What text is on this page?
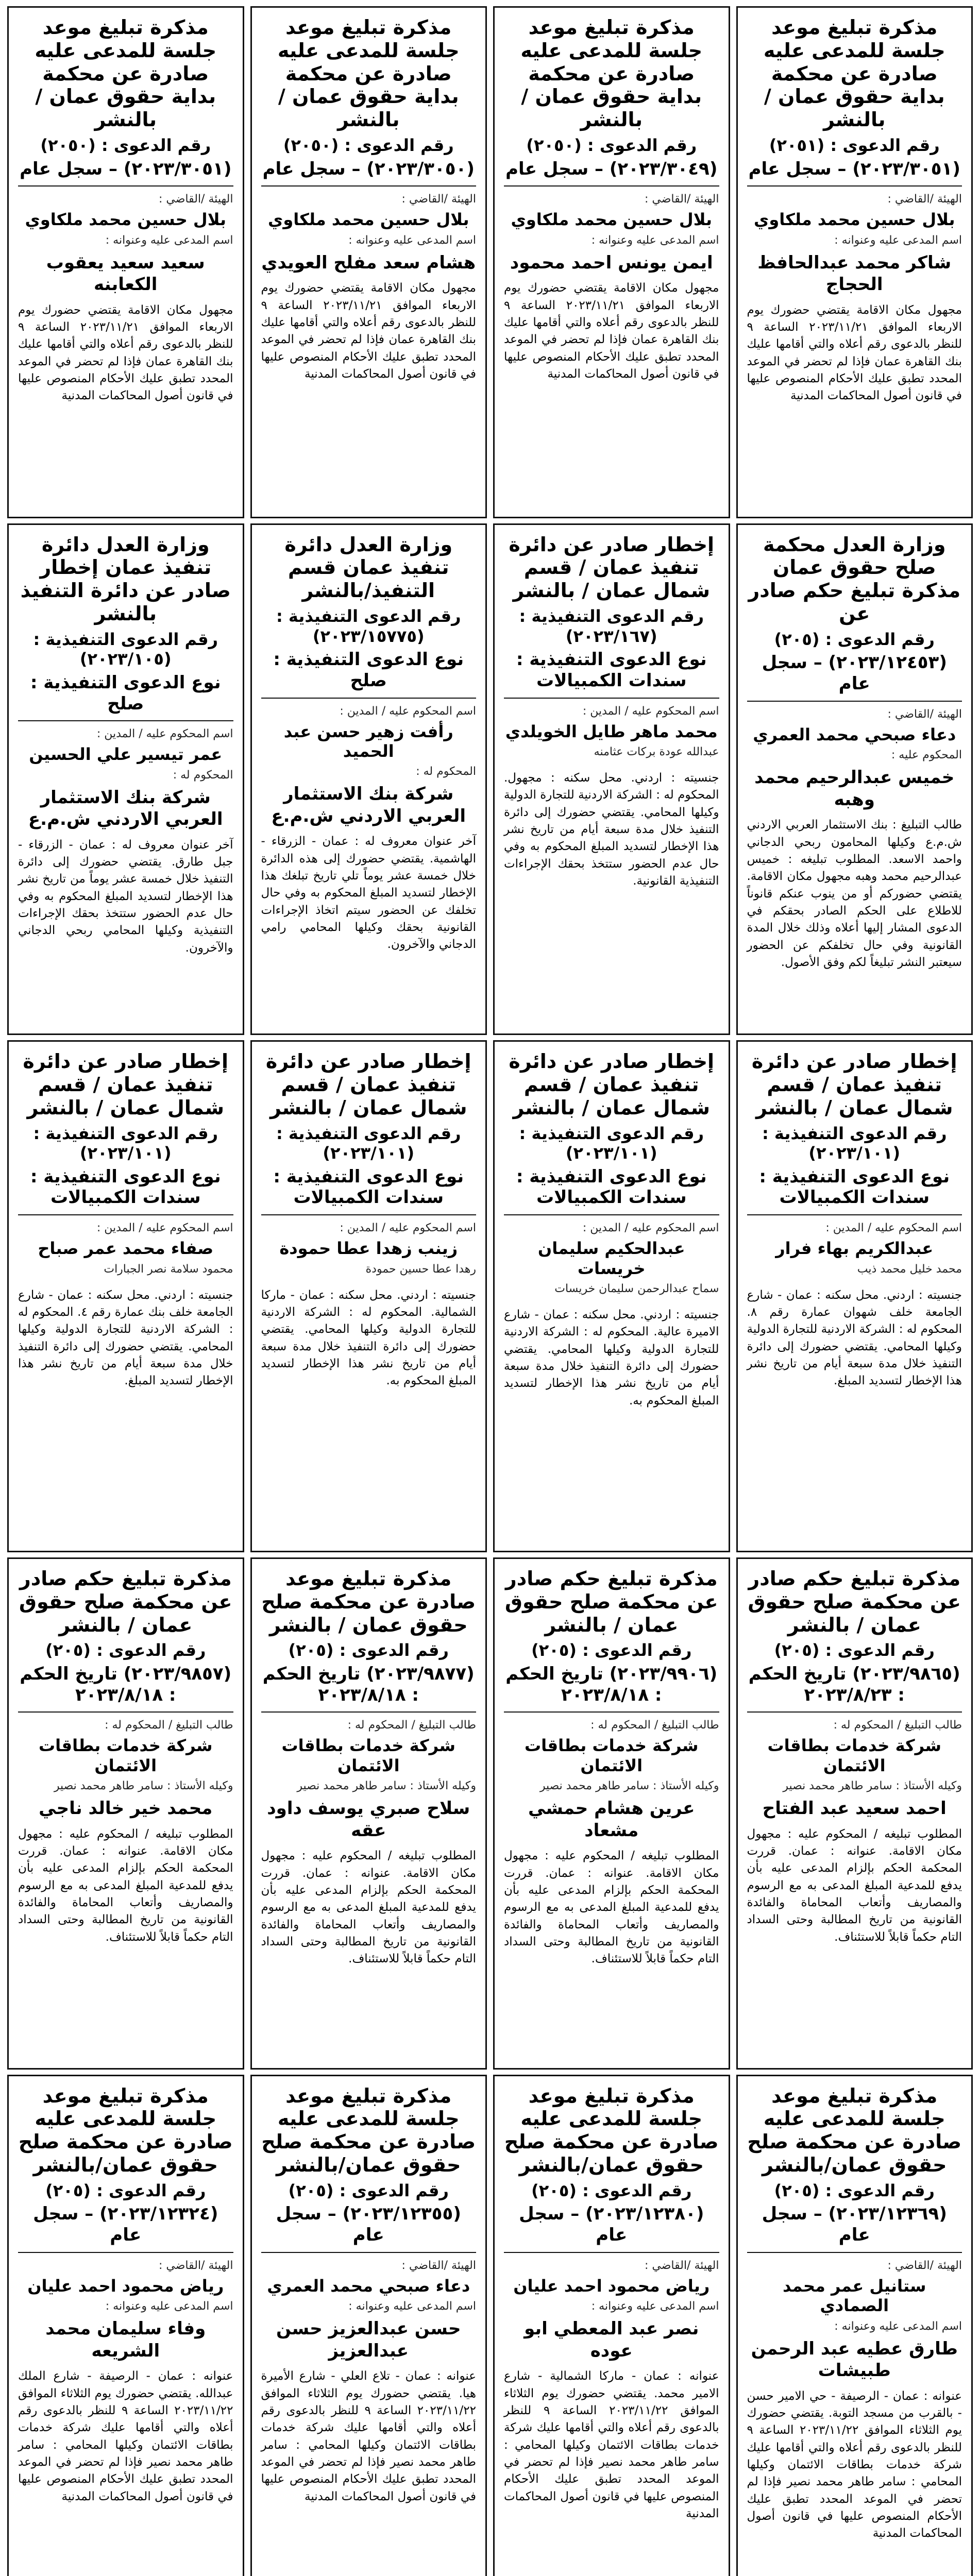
مذكرة تبليغ موعد جلسة للمدعى عليه صادرة عن محكمة بداية حقوق عمان /بالنشر
رقم الدعوى : (٢٠٥١)
(٢٠٢٣/٣٠٥١) – سجل عام
الهيئة /القاضي :
بلال حسين محمد ملكاوي
اسم المدعى عليه وعنوانه :
شاكر محمد عبدالحافظ الحجاج
مجهول مكان الاقامة يقتضي حضورك يوم الاربعاء الموافق ٢٠٢٣/١١/٢١ الساعة ٩ للنظر بالدعوى رقم أعلاه والتي أقامها عليك بنك القاهرة عمان فإذا لم تحضر في الموعد المحدد تطبق عليك الأحكام المنصوص عليها في قانون أصول المحاكمات المدنية
مذكرة تبليغ موعد جلسة للمدعى عليه صادرة عن محكمة بداية حقوق عمان /بالنشر
رقم الدعوى : (٢٠٥٠)
(٢٠٢٣/٣٠٤٩) – سجل عام
الهيئة /القاضي :
بلال حسين محمد ملكاوي
اسم المدعى عليه وعنوانه :
ايمن يونس احمد محمود
مجهول مكان الاقامة يقتضي حضورك يوم الاربعاء الموافق ٢٠٢٣/١١/٢١ الساعة ٩ للنظر بالدعوى رقم أعلاه والتي أقامها عليك بنك القاهرة عمان فإذا لم تحضر في الموعد المحدد تطبق عليك الأحكام المنصوص عليها في قانون أصول المحاكمات المدنية
مذكرة تبليغ موعد جلسة للمدعى عليه صادرة عن محكمة بداية حقوق عمان /بالنشر
رقم الدعوى : (٢٠٥٠)
(٢٠٢٣/٣٠٥٠) – سجل عام
الهيئة /القاضي :
بلال حسين محمد ملكاوي
اسم المدعى عليه وعنوانه :
هشام سعد مفلح العويدي
مجهول مكان الاقامة يقتضي حضورك يوم الاربعاء الموافق ٢٠٢٣/١١/٢١ الساعة ٩ للنظر بالدعوى رقم أعلاه والتي أقامها عليك بنك القاهرة عمان فإذا لم تحضر في الموعد المحدد تطبق عليك الأحكام المنصوص عليها في قانون أصول المحاكمات المدنية
مذكرة تبليغ موعد جلسة للمدعى عليه صادرة عن محكمة بداية حقوق عمان /بالنشر
رقم الدعوى : (٢٠٥٠)
(٢٠٢٣/٣٠٥١) – سجل عام
الهيئة /القاضي :
بلال حسين محمد ملكاوي
اسم المدعى عليه وعنوانه :
سعيد سعيد يعقوب الكعابنه
مجهول مكان الاقامة يقتضي حضورك يوم الاربعاء الموافق ٢٠٢٣/١١/٢١ الساعة ٩ للنظر بالدعوى رقم أعلاه والتي أقامها عليك بنك القاهرة عمان فإذا لم تحضر في الموعد المحدد تطبق عليك الأحكام المنصوص عليها في قانون أصول المحاكمات المدنية
وزارة العدل محكمة صلح حقوق عمان مذكرة تبليغ حكم صادر عن
رقم الدعوى : (٢٠٥)
(٢٠٢٣/١٢٤٥٣) – سجل عام
الهيئة /القاضي :
دعاء صبحي محمد العمري
المحكوم عليه :
خميس عبدالرحيم محمد وهبه
طالب التبليغ : بنك الاستثمار العربي الاردني ش.م.ع وكيلها المحامون ربحي الدجاني واحمد الاسعد. المطلوب تبليغه : خميس عبدالرحيم محمد وهبه مجهول مكان الاقامة. يقتضي حضوركم أو من ينوب عنكم قانوناً للاطلاع على الحكم الصادر بحقكم في الدعوى المشار إليها أعلاه وذلك خلال المدة القانونية وفي حال تخلفكم عن الحضور سيعتبر النشر تبليغاً لكم وفق الأصول.
إخطار صادر عن دائرة تنفيذ عمان / قسم شمال عمان / بالنشر
رقم الدعوى التنفيذية : (٢٠٢٣/١٦٧)
نوع الدعوى التنفيذية : سندات الكمبيالات
اسم المحكوم عليه / المدين :
محمد ماهر طايل الخويلدي
عبدالله عودة بركات عثامنه
جنسيته : اردني. محل سكنه : مجهول. المحكوم له : الشركة الاردنية للتجارة الدولية وكيلها المحامي. يقتضي حضورك إلى دائرة التنفيذ خلال مدة سبعة أيام من تاريخ نشر هذا الإخطار لتسديد المبلغ المحكوم به وفي حال عدم الحضور ستتخذ بحقك الإجراءات التنفيذية القانونية.
وزارة العدل دائرة تنفيذ عمان قسم التنفيذ/بالنشر
رقم الدعوى التنفيذية : (٢٠٢٣/١٥٧٧٥)
نوع الدعوى التنفيذية : صلح
اسم المحكوم عليه / المدين :
رأفت زهير حسن عبد الحميد
المحكوم له :
شركة بنك الاستثمار العربي الاردني ش.م.ع
آخر عنوان معروف له : عمان - الزرقاء - الهاشمية. يقتضي حضورك إلى هذه الدائرة خلال خمسة عشر يوماً تلي تاريخ تبلغك هذا الإخطار لتسديد المبلغ المحكوم به وفي حال تخلفك عن الحضور سيتم اتخاذ الإجراءات القانونية بحقك وكيلها المحامي رامي الدجاني والآخرون.
وزارة العدل دائرة تنفيذ عمان إخطار صادر عن دائرة التنفيذ بالنشر
رقم الدعوى التنفيذية : (٢٠٢٣/١٠٥)
نوع الدعوى التنفيذية : صلح
اسم المحكوم عليه / المدين :
عمر تيسير علي الحسين
المحكوم له :
شركة بنك الاستثمار العربي الاردني ش.م.ع
آخر عنوان معروف له : عمان - الزرقاء - جبل طارق. يقتضي حضورك إلى دائرة التنفيذ خلال خمسة عشر يوماً من تاريخ نشر هذا الإخطار لتسديد المبلغ المحكوم به وفي حال عدم الحضور ستتخذ بحقك الإجراءات التنفيذية وكيلها المحامي ربحي الدجاني والآخرون.
إخطار صادر عن دائرة تنفيذ عمان / قسم شمال عمان / بالنشر
رقم الدعوى التنفيذية : (٢٠٢٣/١٠١)
نوع الدعوى التنفيذية : سندات الكمبيالات
اسم المحكوم عليه / المدين :
عبدالكريم بهاء فرار
محمد خليل محمد ذيب
جنسيته : اردني. محل سكنه : عمان - شارع الجامعة خلف شهوان عمارة رقم ٨. المحكوم له : الشركة الاردنية للتجارة الدولية وكيلها المحامي. يقتضي حضورك إلى دائرة التنفيذ خلال مدة سبعة أيام من تاريخ نشر هذا الإخطار لتسديد المبلغ.
إخطار صادر عن دائرة تنفيذ عمان / قسم شمال عمان / بالنشر
رقم الدعوى التنفيذية : (٢٠٢٣/١٠١)
نوع الدعوى التنفيذية : سندات الكمبيالات
اسم المحكوم عليه / المدين :
عبدالحكيم سليمان خريسات
سماح عبدالرحمن سليمان خريسات
جنسيته : اردني. محل سكنه : عمان - شارع الاميرة عالية. المحكوم له : الشركة الاردنية للتجارة الدولية وكيلها المحامي. يقتضي حضورك إلى دائرة التنفيذ خلال مدة سبعة أيام من تاريخ نشر هذا الإخطار لتسديد المبلغ المحكوم به.
إخطار صادر عن دائرة تنفيذ عمان / قسم شمال عمان / بالنشر
رقم الدعوى التنفيذية : (٢٠٢٣/١٠١)
نوع الدعوى التنفيذية : سندات الكمبيالات
اسم المحكوم عليه / المدين :
زينب زهدا عطا حمودة
رهدا عطا حسين حمودة
جنسيته : اردني. محل سكنه : عمان - ماركا الشمالية. المحكوم له : الشركة الاردنية للتجارة الدولية وكيلها المحامي. يقتضي حضورك إلى دائرة التنفيذ خلال مدة سبعة أيام من تاريخ نشر هذا الإخطار لتسديد المبلغ المحكوم به.
إخطار صادر عن دائرة تنفيذ عمان / قسم شمال عمان / بالنشر
رقم الدعوى التنفيذية : (٢٠٢٣/١٠١)
نوع الدعوى التنفيذية : سندات الكمبيالات
اسم المحكوم عليه / المدين :
صفاء محمد عمر صباح
محمود سلامة نصر الجبارات
جنسيته : اردني. محل سكنه : عمان - شارع الجامعة خلف بنك عمارة رقم ٤. المحكوم له : الشركة الاردنية للتجارة الدولية وكيلها المحامي. يقتضي حضورك إلى دائرة التنفيذ خلال مدة سبعة أيام من تاريخ نشر هذا الإخطار لتسديد المبلغ.
مذكرة تبليغ حكم صادر عن محكمة صلح حقوق عمان / بالنشر
رقم الدعوى : (٢٠٥)
(٢٠٢٣/٩٨٦٥) تاريخ الحكم : ٢٠٢٣/٨/٢٣
طالب التبليغ / المحكوم له :
شركة خدمات بطاقات الائتمان
وكيله الأستاذ : سامر طاهر محمد نصير
احمد سعيد عبد الفتاح
المطلوب تبليغه / المحكوم عليه : مجهول مكان الاقامة. عنوانه : عمان. قررت المحكمة الحكم بإلزام المدعى عليه بأن يدفع للمدعية المبلغ المدعى به مع الرسوم والمصاريف وأتعاب المحاماة والفائدة القانونية من تاريخ المطالبة وحتى السداد التام حكماً قابلاً للاستئناف.
مذكرة تبليغ حكم صادر عن محكمة صلح حقوق عمان / بالنشر
رقم الدعوى : (٢٠٥)
(٢٠٢٣/٩٩٠٦) تاريخ الحكم : ٢٠٢٣/٨/١٨
طالب التبليغ / المحكوم له :
شركة خدمات بطاقات الائتمان
وكيله الأستاذ : سامر طاهر محمد نصير
عرين هشام حمشي مشعاد
المطلوب تبليغه / المحكوم عليه : مجهول مكان الاقامة. عنوانه : عمان. قررت المحكمة الحكم بإلزام المدعى عليه بأن يدفع للمدعية المبلغ المدعى به مع الرسوم والمصاريف وأتعاب المحاماة والفائدة القانونية من تاريخ المطالبة وحتى السداد التام حكماً قابلاً للاستئناف.
مذكرة تبليغ موعد صادرة عن محكمة صلح حقوق عمان / بالنشر
رقم الدعوى : (٢٠٥)
(٢٠٢٣/٩٨٧٧) تاريخ الحكم : ٢٠٢٣/٨/١٨
طالب التبليغ / المحكوم له :
شركة خدمات بطاقات الائتمان
وكيله الأستاذ : سامر طاهر محمد نصير
سلاح صبري يوسف داود عقه
المطلوب تبليغه / المحكوم عليه : مجهول مكان الاقامة. عنوانه : عمان. قررت المحكمة الحكم بإلزام المدعى عليه بأن يدفع للمدعية المبلغ المدعى به مع الرسوم والمصاريف وأتعاب المحاماة والفائدة القانونية من تاريخ المطالبة وحتى السداد التام حكماً قابلاً للاستئناف.
مذكرة تبليغ حكم صادر عن محكمة صلح حقوق عمان / بالنشر
رقم الدعوى : (٢٠٥)
(٢٠٢٣/٩٨٥٧) تاريخ الحكم : ٢٠٢٣/٨/١٨
طالب التبليغ / المحكوم له :
شركة خدمات بطاقات الائتمان
وكيله الأستاذ : سامر طاهر محمد نصير
محمد خير خالد ناجي
المطلوب تبليغه / المحكوم عليه : مجهول مكان الاقامة. عنوانه : عمان. قررت المحكمة الحكم بإلزام المدعى عليه بأن يدفع للمدعية المبلغ المدعى به مع الرسوم والمصاريف وأتعاب المحاماة والفائدة القانونية من تاريخ المطالبة وحتى السداد التام حكماً قابلاً للاستئناف.
مذكرة تبليغ موعد جلسة للمدعى عليه صادرة عن محكمة صلح حقوق عمان/بالنشر
رقم الدعوى : (٢٠٥)
(٢٠٢٣/١٢٣٦٩) – سجل عام
الهيئة /القاضي :
ستانيل عمر محمد الصمادي
اسم المدعى عليه وعنوانه :
طارق عطيه عبد الرحمن طبيشات
عنوانه : عمان - الرصيفة - حي الامير حسن - بالقرب من مسجد التوبة. يقتضي حضورك يوم الثلاثاء الموافق ٢٠٢٣/١١/٢٢ الساعة ٩ للنظر بالدعوى رقم أعلاه والتي أقامها عليك شركة خدمات بطاقات الائتمان وكيلها المحامي : سامر طاهر محمد نصير فإذا لم تحضر في الموعد المحدد تطبق عليك الأحكام المنصوص عليها في قانون أصول المحاكمات المدنية
مذكرة تبليغ موعد جلسة للمدعى عليه صادرة عن محكمة صلح حقوق عمان/بالنشر
رقم الدعوى : (٢٠٥)
(٢٠٢٣/١٢٣٨٠) – سجل عام
الهيئة /القاضي :
رياض محمود احمد عليان
اسم المدعى عليه وعنوانه :
نصر عبد المعطي ابو عوده
عنوانه : عمان - ماركا الشمالية - شارع الامير محمد. يقتضي حضورك يوم الثلاثاء الموافق ٢٠٢٣/١١/٢٢ الساعة ٩ للنظر بالدعوى رقم أعلاه والتي أقامها عليك شركة خدمات بطاقات الائتمان وكيلها المحامي : سامر طاهر محمد نصير فإذا لم تحضر في الموعد المحدد تطبق عليك الأحكام المنصوص عليها في قانون أصول المحاكمات المدنية
مذكرة تبليغ موعد جلسة للمدعى عليه صادرة عن محكمة صلح حقوق عمان/بالنشر
رقم الدعوى : (٢٠٥)
(٢٠٢٣/١٢٣٥٥) – سجل عام
الهيئة /القاضي :
دعاء صبحي محمد العمري
اسم المدعى عليه وعنوانه :
حسن عبدالعزيز حسن عبدالعزيز
عنوانه : عمان - تلاع العلي - شارع الأميرة هيا. يقتضي حضورك يوم الثلاثاء الموافق ٢٠٢٣/١١/٢٢ الساعة ٩ للنظر بالدعوى رقم أعلاه والتي أقامها عليك شركة خدمات بطاقات الائتمان وكيلها المحامي : سامر طاهر محمد نصير فإذا لم تحضر في الموعد المحدد تطبق عليك الأحكام المنصوص عليها في قانون أصول المحاكمات المدنية
مذكرة تبليغ موعد جلسة للمدعى عليه صادرة عن محكمة صلح حقوق عمان/بالنشر
رقم الدعوى : (٢٠٥)
(٢٠٢٣/١٢٣٢٤) – سجل عام
الهيئة /القاضي :
رياض محمود احمد عليان
اسم المدعى عليه وعنوانه :
وفاء سليمان محمد الشريعه
عنوانه : عمان - الرصيفة - شارع الملك عبدالله. يقتضي حضورك يوم الثلاثاء الموافق ٢٠٢٣/١١/٢٢ الساعة ٩ للنظر بالدعوى رقم أعلاه والتي أقامها عليك شركة خدمات بطاقات الائتمان وكيلها المحامي : سامر طاهر محمد نصير فإذا لم تحضر في الموعد المحدد تطبق عليك الأحكام المنصوص عليها في قانون أصول المحاكمات المدنية
